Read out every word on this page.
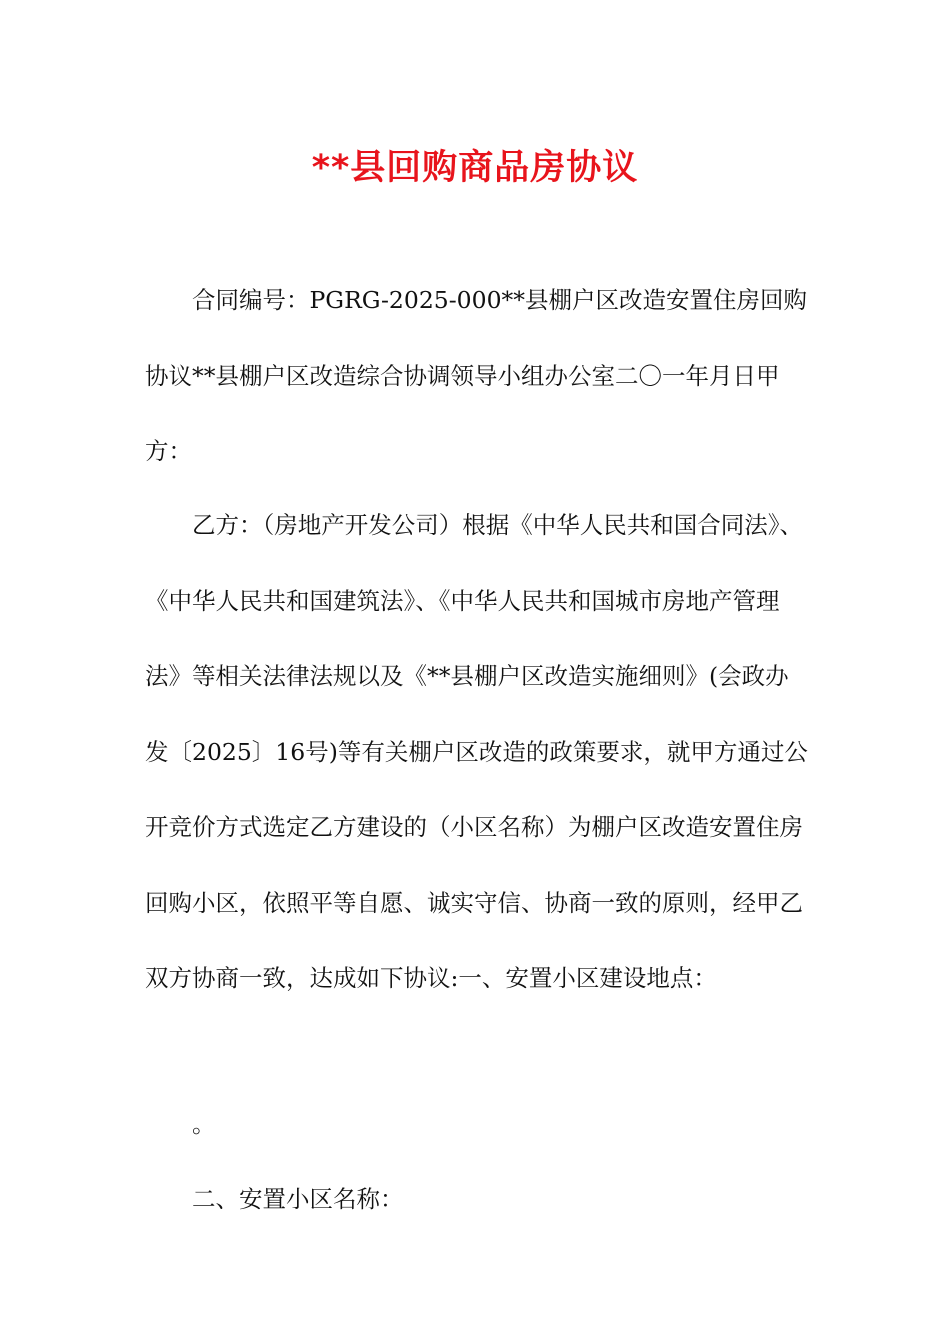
**县回购商品房协议

合同编号：PGRG-2025-000**县棚户区改造安置住房回购协议**县棚户区改造综合协调领导小组办公室二〇一年月日甲方：

乙方：（房地产开发公司）根据《中华人民共和国合同法》、《中华人民共和国建筑法》、《中华人民共和国城市房地产管理法》等相关法律法规以及《**县棚户区改造实施细则》(会政办发〔2025〕16号)等有关棚户区改造的政策要求，就甲方通过公开竞价方式选定乙方建设的（小区名称）为棚户区改造安置住房回购小区，依照平等自愿、诚实守信、协商一致的原则，经甲乙双方协商一致，达成如下协议:一、安置小区建设地点：

。

二、安置小区名称：
